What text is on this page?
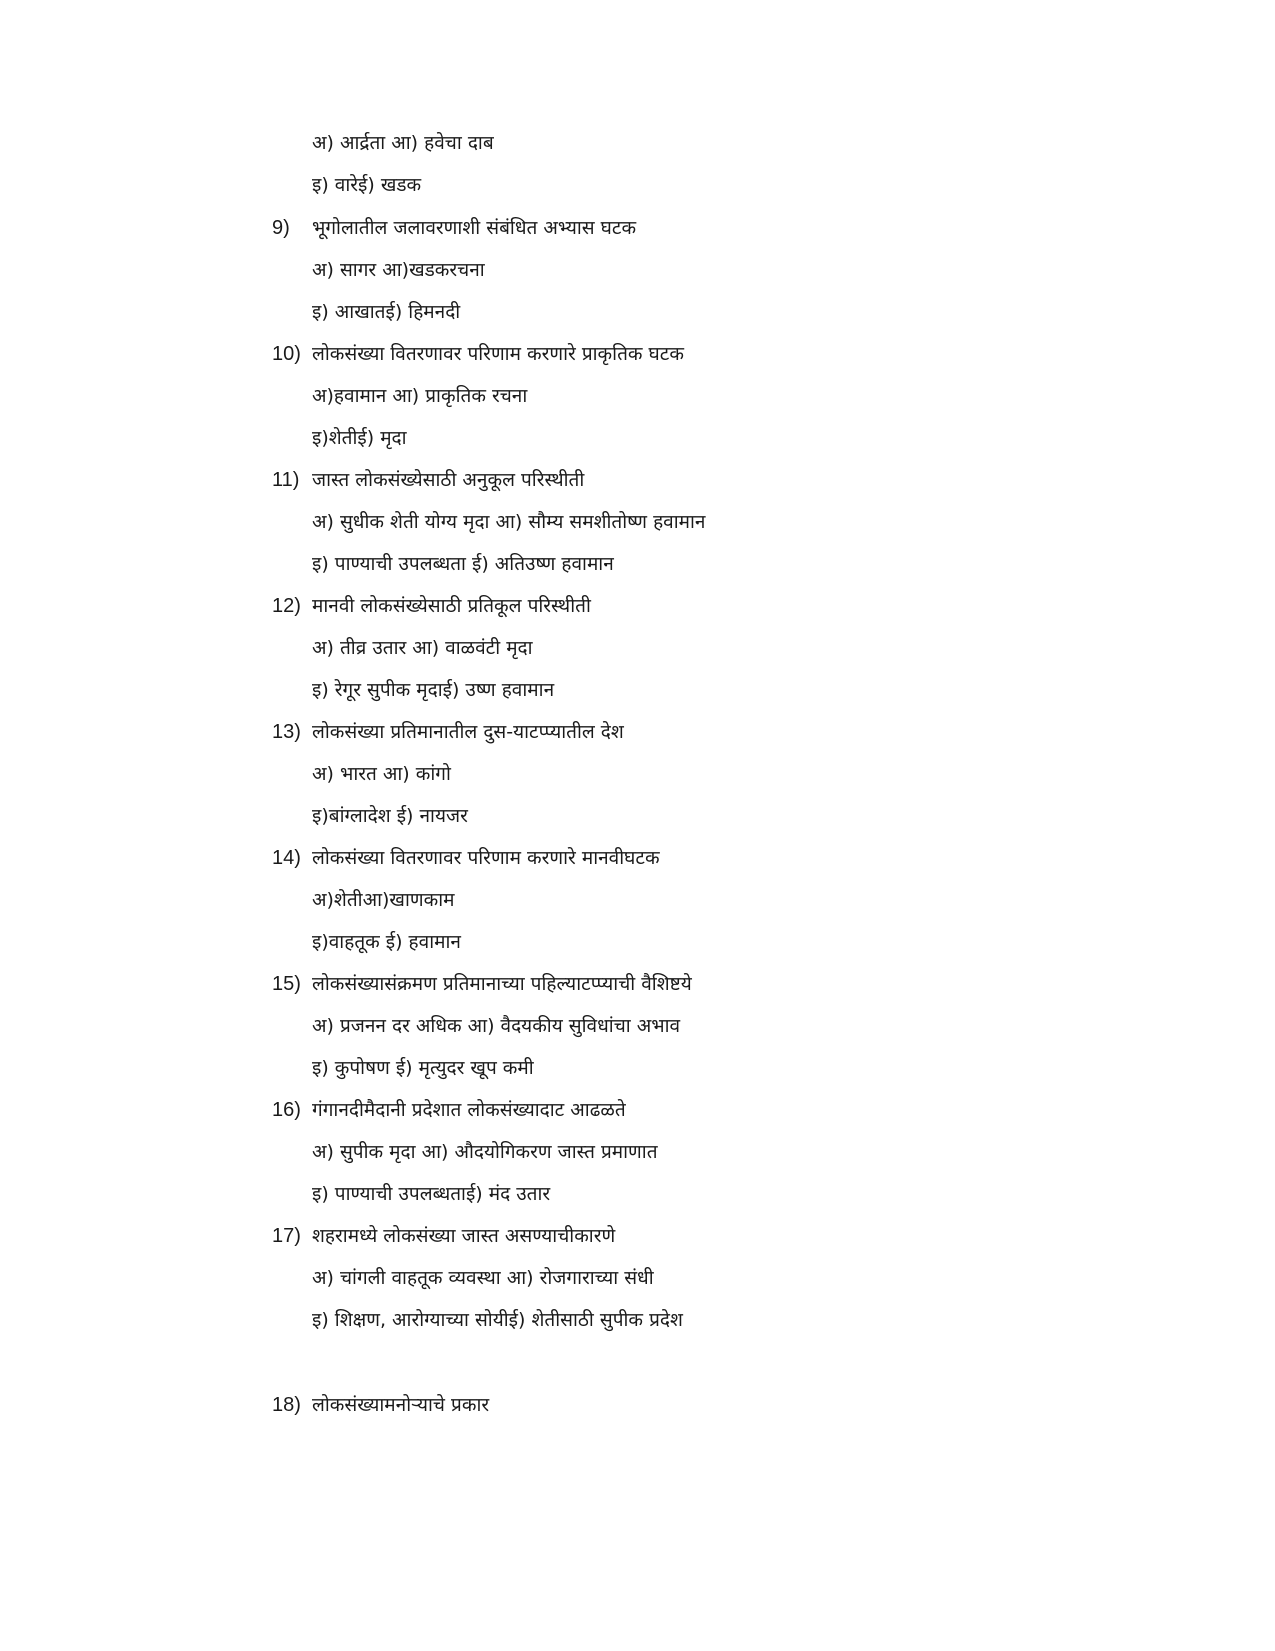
अ) आर्द्रता आ) हवेचा दाब
इ) वारेई) खडक
9)	भूगोलातील जलावरणाशी संबंधित अभ्यास घटक
अ) सागर आ)खडकरचना
इ) आखातई) हिमनदी
10) लोकसंख्या वितरणावर परिणाम करणारे प्राकृतिक घटक
अ)हवामान आ) प्राकृतिक रचना
इ)शेतीई) मृदा
11) जास्त लोकसंख्येसाठी अनुकूल परिस्थीती
अ) सुधीक शेती योग्य मृदा आ) सौम्य समशीतोष्ण हवामान
इ) पाण्याची उपलब्धता ई) अतिउष्ण हवामान
12) मानवी लोकसंख्येसाठी प्रतिकूल परिस्थीती
अ) तीव्र उतार आ) वाळवंटी मृदा
इ) रेगूर सुपीक मृदाई) उष्ण हवामान
13) लोकसंख्या प्रतिमानातील दुस-याटप्प्यातील देश
अ) भारत आ) कांगो
इ)बांग्लादेश ई) नायजर
14) लोकसंख्या वितरणावर परिणाम करणारे मानवीघटक
अ)शेतीआ)खाणकाम
इ)वाहतूक ई) हवामान
15) लोकसंख्यासंक्रमण प्रतिमानाच्या पहिल्याटप्प्याची वैशिष्टये
अ) प्रजनन दर अधिक आ) वैदयकीय सुविधांचा अभाव
इ) कुपोषण ई) मृत्युदर खूप कमी
16) गंगानदीमैदानी प्रदेशात लोकसंख्यादाट आढळते
अ) सुपीक मृदा आ) औदयोगिकरण जास्त प्रमाणात
इ) पाण्याची उपलब्धताई) मंद उतार
17) शहरामध्ये लोकसंख्या जास्त असण्याचीकारणे
अ) चांगली वाहतूक व्यवस्था आ) रोजगाराच्या संधी
इ) शिक्षण, आरोग्याच्या सोयीई) शेतीसाठी सुपीक प्रदेश
18) लोकसंख्यामनोऱ्याचे प्रकार
